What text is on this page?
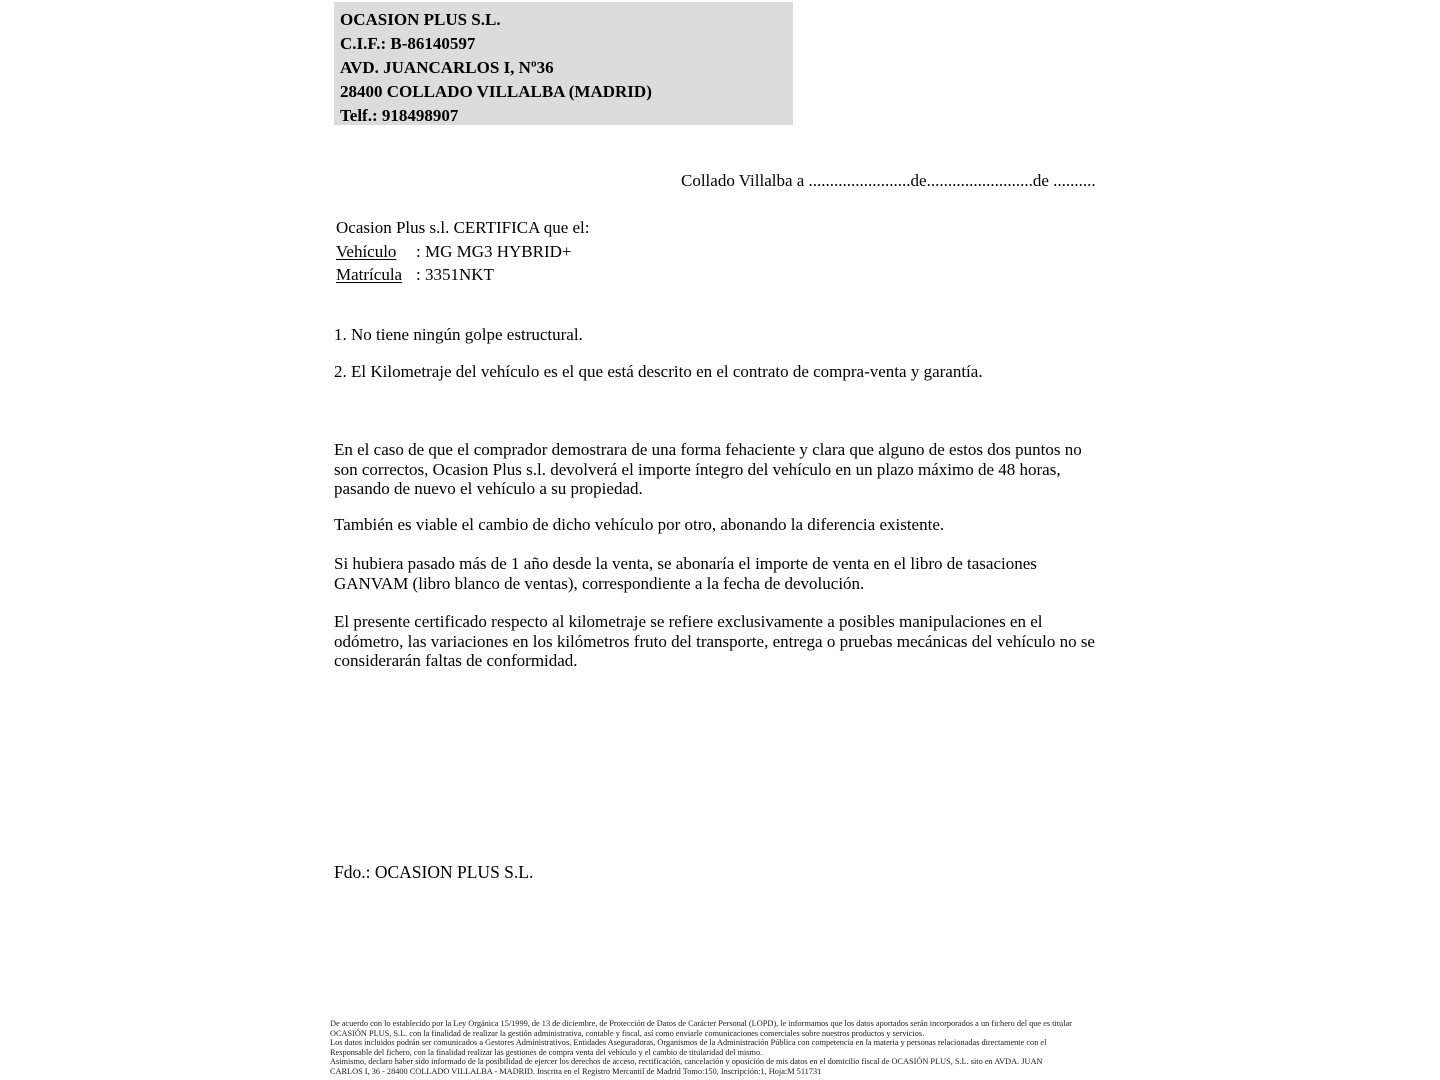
OCASION PLUS S.L.
C.I.F.: B-86140597
AVD. JUANCARLOS I, Nº36
28400 COLLADO VILLALBA (MADRID)
Telf.: 918498907
Collado Villalba a ........................de.........................de ..........
Ocasion Plus s.l. CERTIFICA que el:
Vehículo : MG MG3 HYBRID+
Matrícula : 3351NKT
1. No tiene ningún golpe estructural.
2. El Kilometraje del vehículo es el que está descrito en el contrato de compra-venta y garantía.
En el caso de que el comprador demostrara de una forma fehaciente y clara que alguno de estos dos puntos no son correctos, Ocasion Plus s.l. devolverá el importe íntegro del vehículo en un plazo máximo de 48 horas, pasando de nuevo el vehículo a su propiedad.
También es viable el cambio de dicho vehículo por otro, abonando la diferencia existente.
Si hubiera pasado más de 1 año desde la venta, se abonaría el importe de venta en el libro de tasaciones GANVAM (libro blanco de ventas), correspondiente a la fecha de devolución.
El presente certificado respecto al kilometraje se refiere exclusivamente a posibles manipulaciones en el odómetro, las variaciones en los kilómetros fruto del transporte, entrega o pruebas mecánicas del vehículo no se considerarán faltas de conformidad.
Fdo.: OCASION PLUS S.L.
De acuerdo con lo establecido por la Ley Orgánica 15/1999, de 13 de diciembre, de Protección de Datos de Carácter Personal (LOPD), le informamos que los datos aportados serán incorporados a un fichero del que es titular
OCASIÓN PLUS, S.L. con la finalidad de realizar la gestión administrativa, contable y fiscal, así como enviarle comunicaciones comerciales sobre nuestros productos y servicios.
Los datos incluidos podrán ser comunicados a Gestores Administrativos, Entidades Aseguradoras, Organismos de la Administración Pública con competencia en la materia y personas relacionadas directamente con el
Responsable del fichero, con la finalidad realizar las gestiones de compra venta del vehículo y el cambio de titularidad del mismo.
Asimismo, declaro haber sido informado de la posibilidad de ejercer los derechos de acceso, rectificación, cancelación y oposición de mis datos en el domicilio fiscal de OCASIÓN PLUS, S.L. sito en AVDA. JUAN
CARLOS I, 36 - 28400 COLLADO VILLALBA - MADRID. Inscrita en el Registro Mercantil de Madrid Tomo:150, Inscripción:1, Hoja:M 511731
